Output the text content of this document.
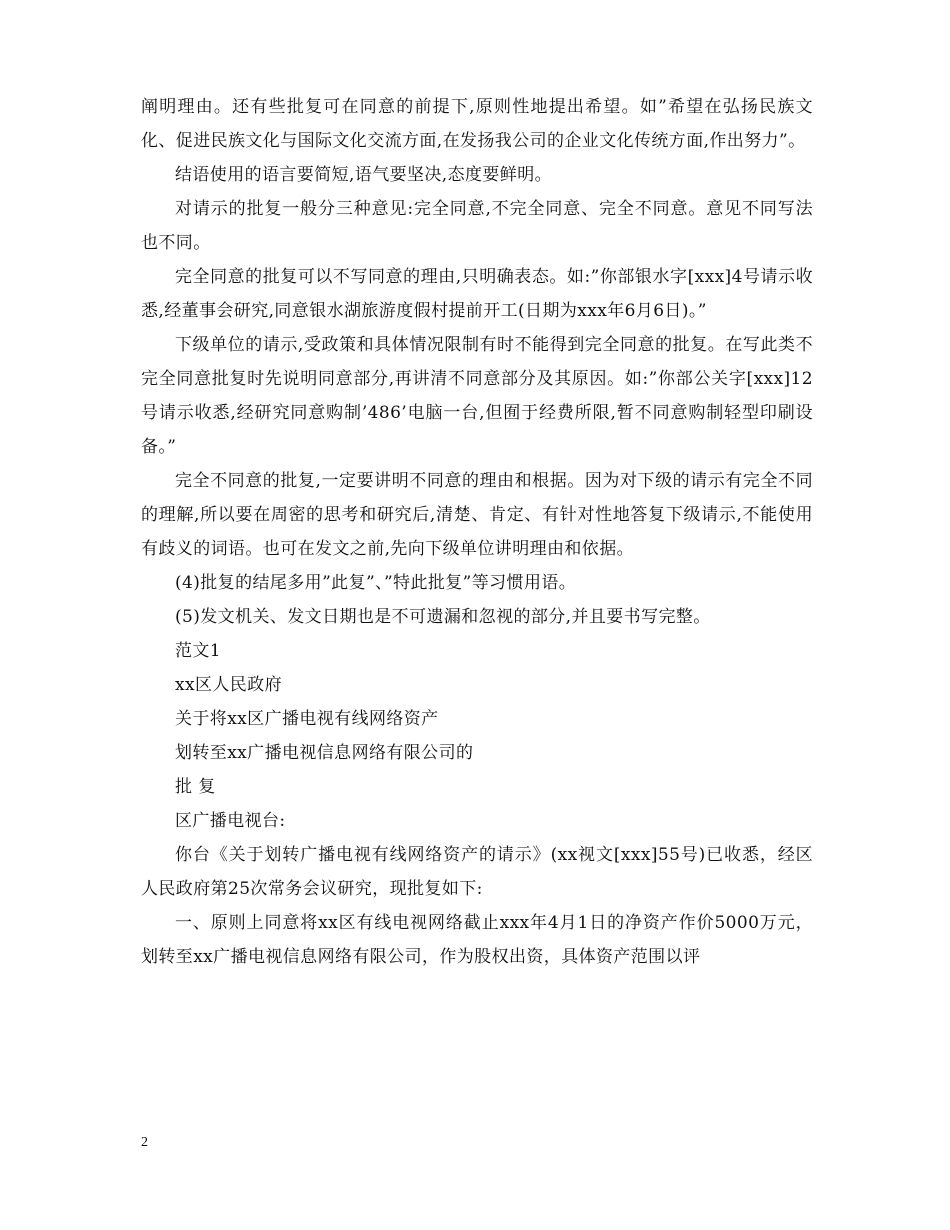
阐明理由。还有些批复可在同意的前提下,原则性地提出希望。如”希望在弘扬民族文化、促进民族文化与国际文化交流方面,在发扬我公司的企业文化传统方面,作出努力”。

结语使用的语言要简短,语气要坚决,态度要鲜明。

对请示的批复一般分三种意见:完全同意,不完全同意、完全不同意。意见不同写法也不同。

完全同意的批复可以不写同意的理由,只明确表态。如:”你部银水字[xxx]4号请示收悉,经董事会研究,同意银水湖旅游度假村提前开工(日期为xxx年6月6日)。”

下级单位的请示,受政策和具体情况限制有时不能得到完全同意的批复。在写此类不完全同意批复时先说明同意部分,再讲清不同意部分及其原因。如:”你部公关字[xxx]12号请示收悉,经研究同意购制’486’电脑一台,但囿于经费所限,暂不同意购制轻型印刷设备。”

完全不同意的批复,一定要讲明不同意的理由和根据。因为对下级的请示有完全不同的理解,所以要在周密的思考和研究后,清楚、肯定、有针对性地答复下级请示,不能使用有歧义的词语。也可在发文之前,先向下级单位讲明理由和依据。

(4)批复的结尾多用”此复”、”特此批复”等习惯用语。

(5)发文机关、发文日期也是不可遗漏和忽视的部分,并且要书写完整。

范文1

xx区人民政府

关于将xx区广播电视有线网络资产

划转至xx广播电视信息网络有限公司的

批 复

区广播电视台:

你台《关于划转广播电视有线网络资产的请示》(xx视文[xxx]55号)已收悉，经区人民政府第25次常务会议研究，现批复如下:

一、原则上同意将xx区有线电视网络截止xxx年4月1日的净资产作价5000万元，划转至xx广播电视信息网络有限公司，作为股权出资，具体资产范围以评

2
